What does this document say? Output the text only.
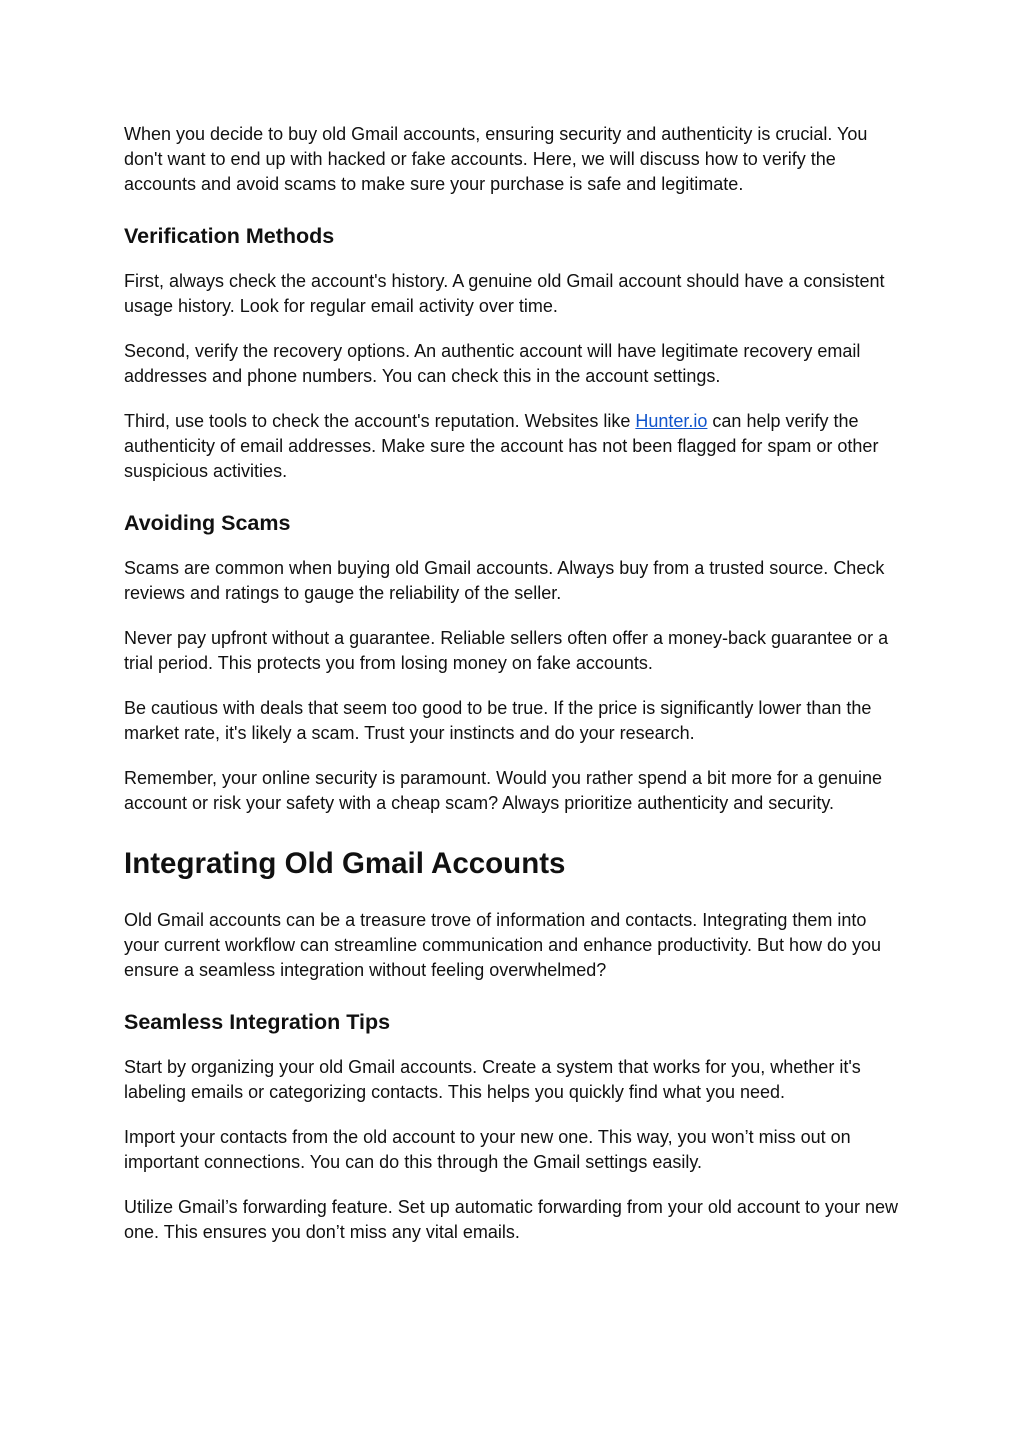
When you decide to buy old Gmail accounts, ensuring security and authenticity is crucial. You don't want to end up with hacked or fake accounts. Here, we will discuss how to verify the accounts and avoid scams to make sure your purchase is safe and legitimate.

Verification Methods

First, always check the account's history. A genuine old Gmail account should have a consistent usage history. Look for regular email activity over time.

Second, verify the recovery options. An authentic account will have legitimate recovery email addresses and phone numbers. You can check this in the account settings.

Third, use tools to check the account's reputation. Websites like Hunter.io can help verify the authenticity of email addresses. Make sure the account has not been flagged for spam or other suspicious activities.

Avoiding Scams

Scams are common when buying old Gmail accounts. Always buy from a trusted source. Check reviews and ratings to gauge the reliability of the seller.

Never pay upfront without a guarantee. Reliable sellers often offer a money-back guarantee or a trial period. This protects you from losing money on fake accounts.

Be cautious with deals that seem too good to be true. If the price is significantly lower than the market rate, it's likely a scam. Trust your instincts and do your research.

Remember, your online security is paramount. Would you rather spend a bit more for a genuine account or risk your safety with a cheap scam? Always prioritize authenticity and security.

Integrating Old Gmail Accounts

Old Gmail accounts can be a treasure trove of information and contacts. Integrating them into your current workflow can streamline communication and enhance productivity. But how do you ensure a seamless integration without feeling overwhelmed?

Seamless Integration Tips

Start by organizing your old Gmail accounts. Create a system that works for you, whether it's labeling emails or categorizing contacts. This helps you quickly find what you need.

Import your contacts from the old account to your new one. This way, you won’t miss out on important connections. You can do this through the Gmail settings easily.

Utilize Gmail’s forwarding feature. Set up automatic forwarding from your old account to your new one. This ensures you don’t miss any vital emails.
